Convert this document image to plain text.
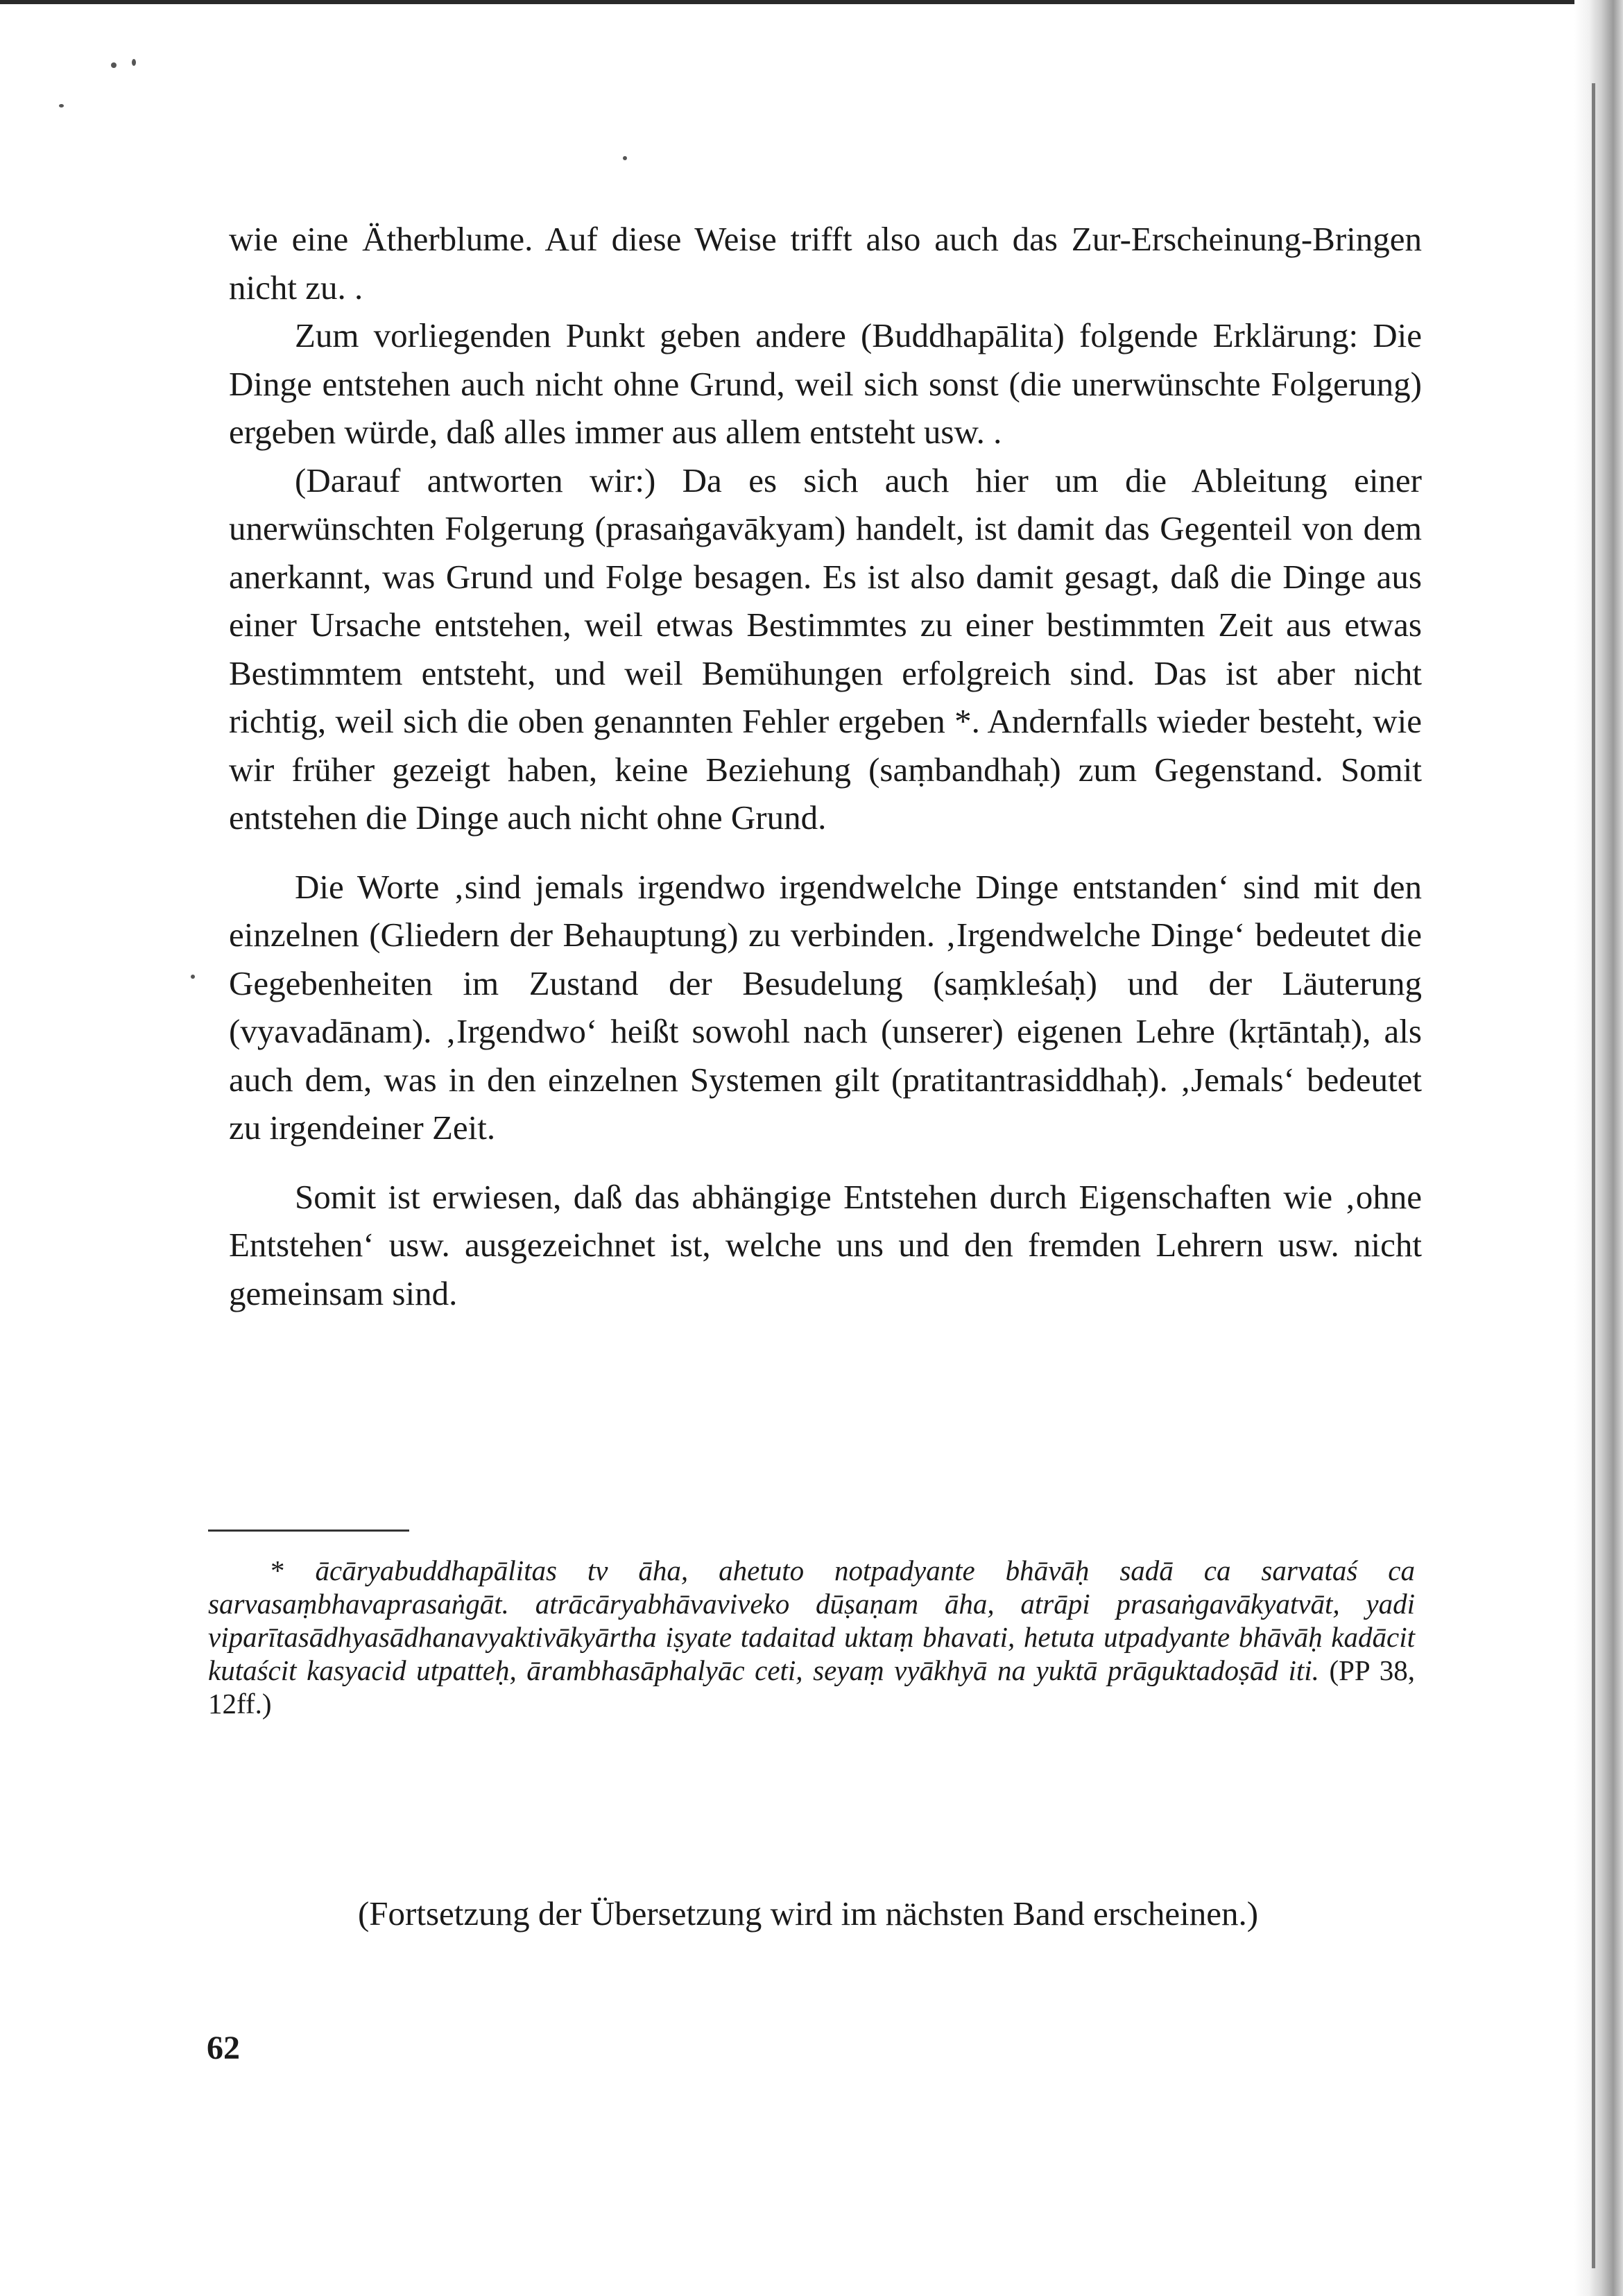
wie eine Ätherblume. Auf diese Weise trifft also auch das Zur-Erscheinung-Bringen nicht zu. .

Zum vorliegenden Punkt geben andere (Buddhapālita) folgende Erklärung: Die Dinge entstehen auch nicht ohne Grund, weil sich sonst (die unerwünschte Folgerung) ergeben würde, daß alles immer aus allem entsteht usw. .

(Darauf antworten wir:) Da es sich auch hier um die Ableitung einer unerwünschten Folgerung (prasaṅgavākyam) handelt, ist damit das Gegenteil von dem anerkannt, was Grund und Folge besagen. Es ist also damit gesagt, daß die Dinge aus einer Ursache entstehen, weil etwas Bestimmtes zu einer bestimmten Zeit aus etwas Bestimmtem entsteht, und weil Bemühungen erfolgreich sind. Das ist aber nicht richtig, weil sich die oben genannten Fehler ergeben *. Andernfalls wieder besteht, wie wir früher gezeigt haben, keine Beziehung (saṃbandhaḥ) zum Gegenstand. Somit entstehen die Dinge auch nicht ohne Grund.

Die Worte ‚sind jemals irgendwo irgendwelche Dinge entstanden‘ sind mit den einzelnen (Gliedern der Behauptung) zu verbinden. ‚Irgendwelche Dinge‘ bedeutet die Gegebenheiten im Zustand der Besudelung (saṃkleśaḥ) und der Läuterung (vyavadānam). ‚Irgendwo‘ heißt sowohl nach (unserer) eigenen Lehre (kṛtāntaḥ), als auch dem, was in den einzelnen Systemen gilt (pratitantrasiddhaḥ). ‚Jemals‘ bedeutet zu irgendeiner Zeit.

Somit ist erwiesen, daß das abhängige Entstehen durch Eigenschaften wie ‚ohne Entstehen‘ usw. ausgezeichnet ist, welche uns und den fremden Lehrern usw. nicht gemeinsam sind.

* ācāryabuddhapālitas tv āha, ahetuto notpadyante bhāvāḥ sadā ca sarvataś ca sarvasaṃbhavaprasaṅgāt. atrācāryabhāvaviveko dūṣaṇam āha, atrāpi prasaṅgavākyatvāt, yadi viparītasādhyasādhanavyaktivākyārtha iṣyate tadaitad uktaṃ bhavati, hetuta utpadyante bhāvāḥ kadācit kutaścit kasyacid utpatteḥ, ārambhasāphalyāc ceti, seyaṃ vyākhyā na yuktā prāguktadoṣād iti. (PP 38, 12ff.)
(Fortsetzung der Übersetzung wird im nächsten Band erscheinen.)
62
